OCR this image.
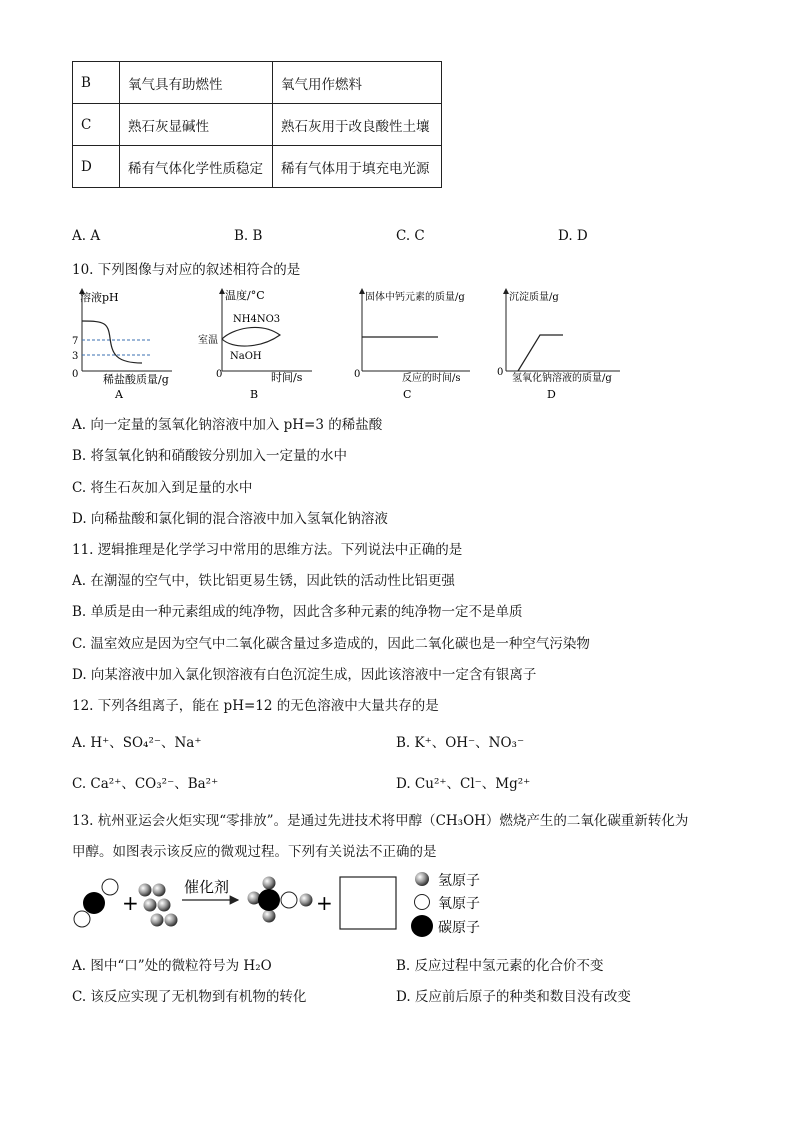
B	氧气具有助燃性	氧气用作燃料
C	熟石灰显碱性	熟石灰用于改良酸性土壤
D	稀有气体化学性质稳定	稀有气体用于填充电光源
A. A	B. B	C. C	D. D
10. 下列图像与对应的叙述相符合的是
溶液pH
7
3
0 稀盐酸质量/g
A
温度/°C
室温
0
NH4NO3
NaOH
时间/s
B
固体中钙元素的质量/g
0	反应的时间/s
C
沉淀质量/g
0
氢氧化钠溶液的质量/g
D
A. 向一定量的氢氧化钠溶液中加入 pH=3 的稀盐酸
B. 将氢氧化钠和硝酸铵分别加入一定量的水中
C. 将生石灰加入到足量的水中
D. 向稀盐酸和氯化铜的混合溶液中加入氢氧化钠溶液
11. 逻辑推理是化学学习中常用的思维方法。下列说法中正确的是
A. 在潮湿的空气中，铁比铝更易生锈，因此铁的活动性比铝更强
B. 单质是由一种元素组成的纯净物，因此含多种元素的纯净物一定不是单质
C. 温室效应是因为空气中二氧化碳含量过多造成的，因此二氧化碳也是一种空气污染物
D. 向某溶液中加入氯化钡溶液有白色沉淀生成，因此该溶液中一定含有银离子
12. 下列各组离子，能在 pH=12 的无色溶液中大量共存的是
A. H⁺、SO₄²⁻、Na⁺	B. K⁺、OH⁻、NO₃⁻
C. Ca²⁺、CO₃²⁻、Ba²⁺	D. Cu²⁺、Cl⁻、Mg²⁺
13. 杭州亚运会火炬实现“零排放”。是通过先进技术将甲醇（CH₃OH）燃烧产生的二氧化碳重新转化为
甲醇。如图表示该反应的微观过程。下列有关说法不正确的是
+
催化剂
+
氢原子
氧原子
碳原子
A. 图中“口”处的微粒符号为 H₂O	B. 反应过程中氢元素的化合价不变
C. 该反应实现了无机物到有机物的转化	D. 反应前后原子的种类和数目没有改变
